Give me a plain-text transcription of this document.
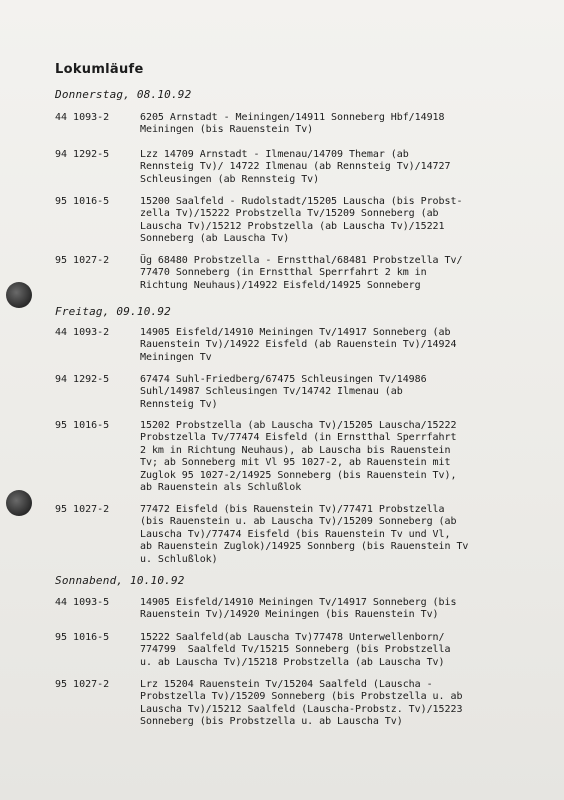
Lokumläufe
Donnerstag, 08.10.92
44 1093-2	6205 Arnstadt - Meiningen/14911 Sonneberg Hbf/14918
Meiningen (bis Rauenstein Tv)
94 1292-5	Lzz 14709 Arnstadt - Ilmenau/14709 Themar (ab
Rennsteig Tv)/ 14722 Ilmenau (ab Rennsteig Tv)/14727
Schleusingen (ab Rennsteig Tv)
95 1016-5	15200 Saalfeld - Rudolstadt/15205 Lauscha (bis Probst-
zella Tv)/15222 Probstzella Tv/15209 Sonneberg (ab
Lauscha Tv)/15212 Probstzella (ab Lauscha Tv)/15221
Sonneberg (ab Lauscha Tv)
95 1027-2	Üg 68480 Probstzella - Ernstthal/68481 Probstzella Tv/
77470 Sonneberg (in Ernstthal Sperrfahrt 2 km in
Richtung Neuhaus)/14922 Eisfeld/14925 Sonneberg
Freitag, 09.10.92
44 1093-2	14905 Eisfeld/14910 Meiningen Tv/14917 Sonneberg (ab
Rauenstein Tv)/14922 Eisfeld (ab Rauenstein Tv)/14924
Meiningen Tv
94 1292-5	67474 Suhl-Friedberg/67475 Schleusingen Tv/14986
Suhl/14987 Schleusingen Tv/14742 Ilmenau (ab
Rennsteig Tv)
95 1016-5	15202 Probstzella (ab Lauscha Tv)/15205 Lauscha/15222
Probstzella Tv/77474 Eisfeld (in Ernstthal Sperrfahrt
2 km in Richtung Neuhaus), ab Lauscha bis Rauenstein
Tv; ab Sonneberg mit Vl 95 1027-2, ab Rauenstein mit
Zuglok 95 1027-2/14925 Sonneberg (bis Rauenstein Tv),
ab Rauenstein als Schlußlok
95 1027-2	77472 Eisfeld (bis Rauenstein Tv)/77471 Probstzella
(bis Rauenstein u. ab Lauscha Tv)/15209 Sonneberg (ab
Lauscha Tv)/77474 Eisfeld (bis Rauenstein Tv und Vl,
ab Rauenstein Zuglok)/14925 Sonnberg (bis Rauenstein Tv
u. Schlußlok)
Sonnabend, 10.10.92
44 1093-5	14905 Eisfeld/14910 Meiningen Tv/14917 Sonneberg (bis
Rauenstein Tv)/14920 Meiningen (bis Rauenstein Tv)
95 1016-5	15222 Saalfeld(ab Lauscha Tv)77478 Unterwellenborn/
774799  Saalfeld Tv/15215 Sonneberg (bis Probstzella
u. ab Lauscha Tv)/15218 Probstzella (ab Lauscha Tv)
95 1027-2	Lrz 15204 Rauenstein Tv/15204 Saalfeld (Lauscha -
Probstzella Tv)/15209 Sonneberg (bis Probstzella u. ab
Lauscha Tv)/15212 Saalfeld (Lauscha-Probstz. Tv)/15223
Sonneberg (bis Probstzella u. ab Lauscha Tv)
